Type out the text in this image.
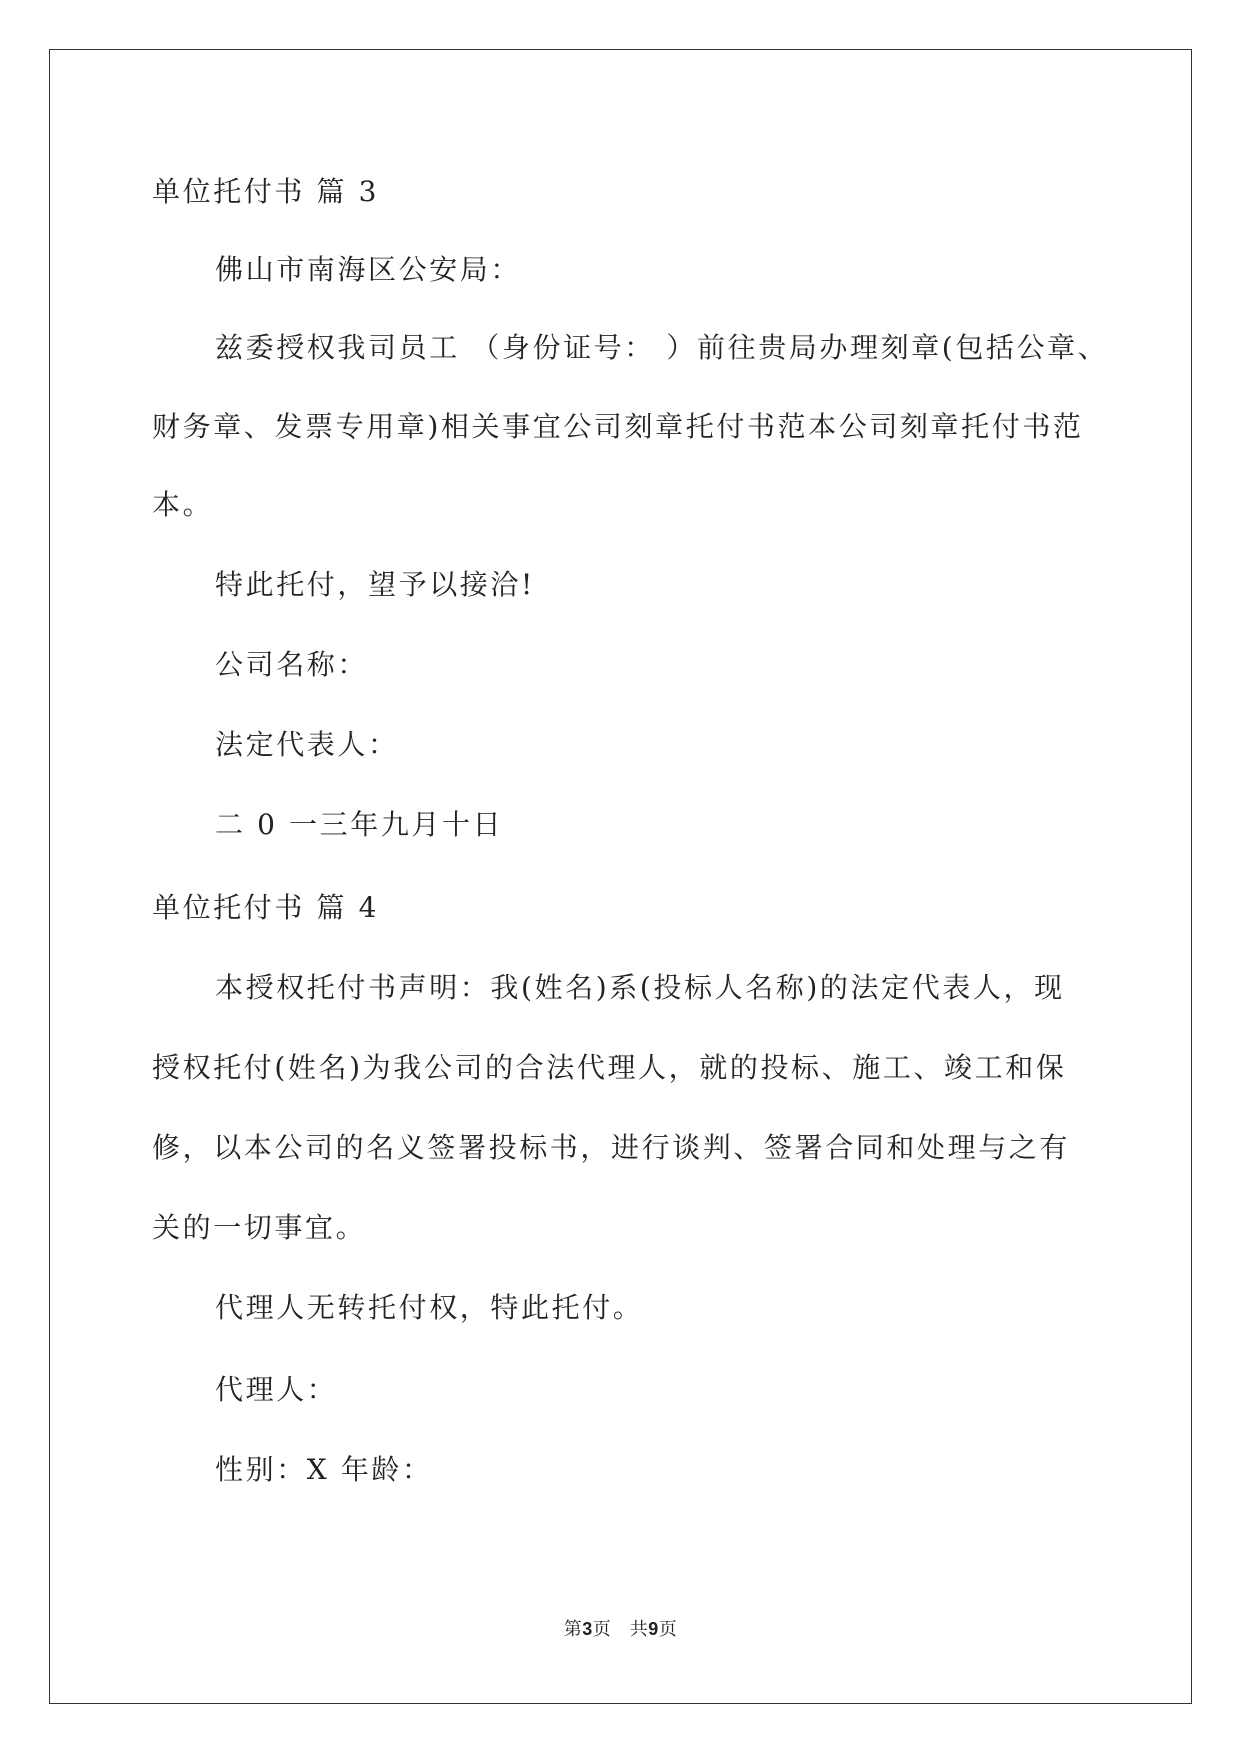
单位托付书 篇 3
佛山市南海区公安局：
兹委授权我司员工 （身份证号： ）前往贵局办理刻章(包括公章、
财务章、发票专用章)相关事宜公司刻章托付书范本公司刻章托付书范
本。
特此托付，望予以接洽!
公司名称：
法定代表人：
二 0 一三年九月十日
单位托付书 篇 4
本授权托付书声明：我(姓名)系(投标人名称)的法定代表人，现
授权托付(姓名)为我公司的合法代理人，就的投标、施工、竣工和保
修，以本公司的名义签署投标书，进行谈判、签署合同和处理与之有
关的一切事宜。
代理人无转托付权，特此托付。
代理人：
性别：X 年龄：
第3页　共9页
